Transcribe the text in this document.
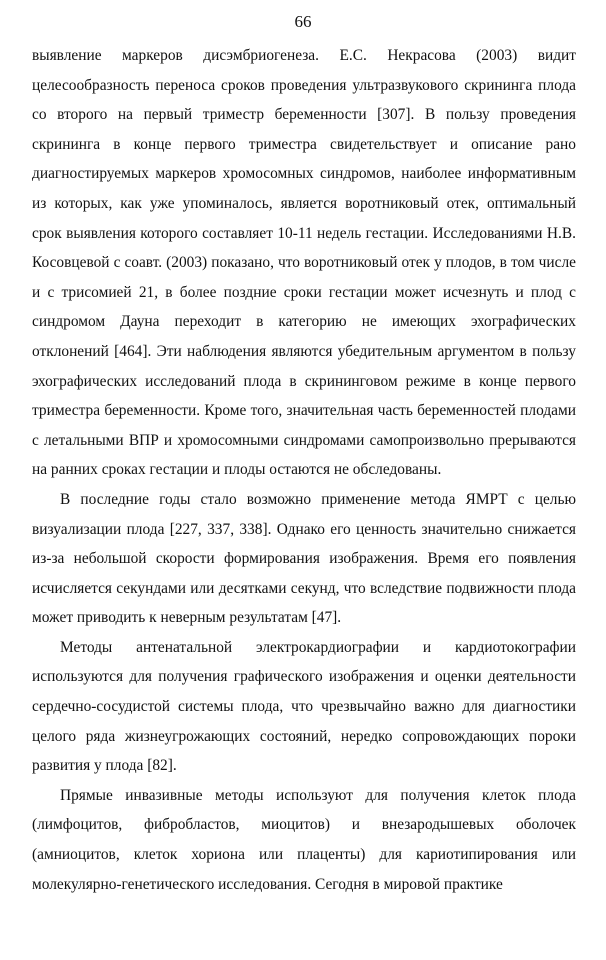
66

выявление маркеров дисэмбриогенеза. Е.С. Некрасова (2003) видит целесообразность переноса сроков проведения ультразвукового скрининга плода со второго на первый триместр беременности [307]. В пользу проведения скрининга в конце первого триместра свидетельствует и описание рано диагностируемых маркеров хромосомных синдромов, наиболее информативным из которых, как уже упоминалось, является воротниковый отек, оптимальный срок выявления которого составляет 10-11 недель гестации. Исследованиями Н.В. Косовцевой с соавт. (2003) показано, что воротниковый отек у плодов, в том числе и с трисомией 21, в более поздние сроки гестации может исчезнуть и плод с синдромом Дауна переходит в категорию не имеющих эхографических отклонений [464]. Эти наблюдения являются убедительным аргументом в пользу эхографических исследований плода в скрининговом режиме в конце первого триместра беременности. Кроме того, значительная часть беременностей плодами с летальными ВПР и хромосомными синдромами самопроизвольно прерываются на ранних сроках гестации и плоды остаются не обследованы.

В последние годы стало возможно применение метода ЯМРТ с целью визуализации плода [227, 337, 338]. Однако его ценность значительно снижается из-за небольшой скорости формирования изображения. Время его появления исчисляется секундами или десятками секунд, что вследствие подвижности плода может приводить к неверным результатам [47].

Методы антенатальной электрокардиографии и кардиотокографии используются для получения графического изображения и оценки деятельности сердечно-сосудистой системы плода, что чрезвычайно важно для диагностики целого ряда жизнеугрожающих состояний, нередко сопровождающих пороки развития у плода [82].

Прямые инвазивные методы используют для получения клеток плода (лимфоцитов, фибробластов, миоцитов) и внезародышевых оболочек (амниоцитов, клеток хориона или плаценты) для кариотипирования или молекулярно-генетического исследования. Сегодня в мировой практике
